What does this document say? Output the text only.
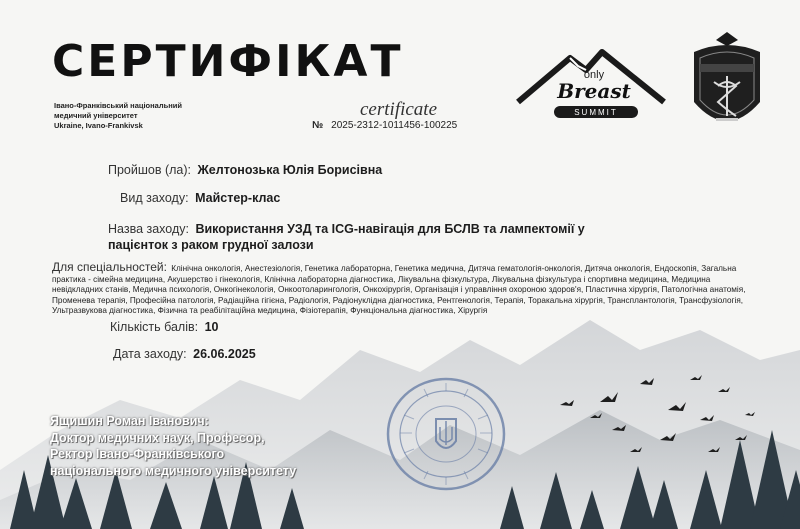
СЕРТИФІКАТ
Івано-Франківський національний
медичний університет
Ukraine, Ivano-Frankivsk
certificate
№ 2025-2312-1011456-100225
only
Breast
SUMMIT
Пройшов (ла): Желтонозька Юлія Борисівна
Вид заходу: Майстер-клас
Назва заходу: Використання УЗД та ICG-навігація для БСЛВ та лампектомії у
пацієнток з раком грудної залози
Для спеціальностей: Клінічна онкологія, Анестезіологія, Генетика лабораторна, Генетика медична, Дитяча гематологія-онкологія, Дитяча онкологія, Ендоскопія, Загальна практика - сімейна медицина, Акушерство і гінекологія, Клінічна лабораторна діагностика, Лікувальна фізкультура, Лікувальна фізкультура і спортивна медицина, Медицина невідкладних станів, Медична психологія, Онкогінекологія, Онкоотоларингологія, Онкохірургія, Організація і управління охороною здоров'я, Пластична хірургія, Патологічна анатомія, Променева терапія, Професійна патологія, Радіаційна гігієна, Радіологія, Радіонуклідна діагностика, Рентгенологія, Терапія, Торакальна хірургія, Трансплантологія, Трансфузіологія, Ультразвукова діагностика, Фізична та реабілітаційна медицина, Фізіотерапія, Функціональна діагностика, Хірургія
Кількість балів: 10
Дата заходу: 26.06.2025
Ящишин Роман Іванович:
Доктор медичних наук, Професор,
Ректор Івано-Франківського
національного медичного університету
